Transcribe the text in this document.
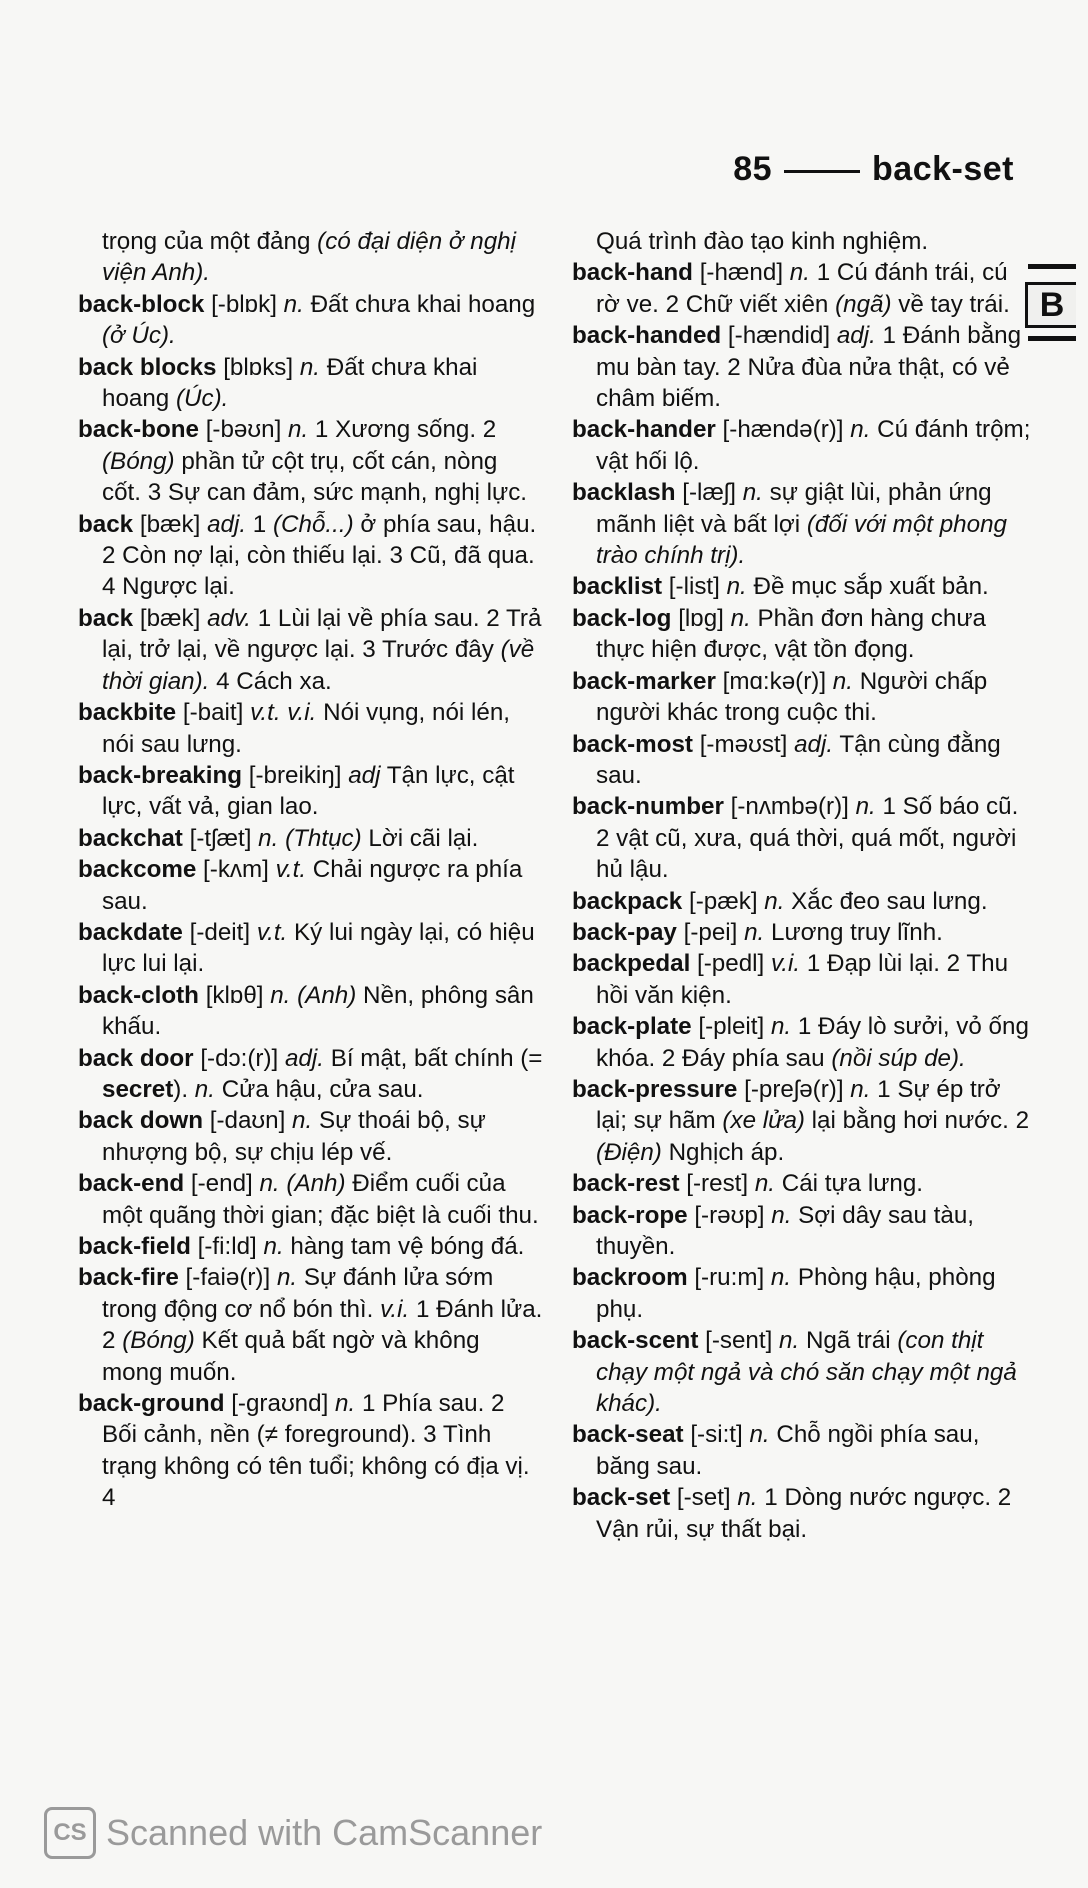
85	back-set
B

trọng của một đảng (có đại diện ở nghị viện Anh).

back-block [-blɒk] n. Đất chưa khai hoang (ở Úc).

back blocks [blɒks] n. Đất chưa khai hoang (Úc).

back-bone [-bəʊn] n. 1 Xương sống. 2 (Bóng) phần tử cột trụ, cốt cán, nòng cốt. 3 Sự can đảm, sức mạnh, nghị lực.

back [bæk] adj. 1 (Chỗ...) ở phía sau, hậu. 2 Còn nợ lại, còn thiếu lại. 3 Cũ, đã qua. 4 Ngược lại.

back [bæk] adv. 1 Lùi lại về phía sau. 2 Trả lại, trở lại, về ngược lại. 3 Trước đây (về thời gian). 4 Cách xa.

backbite [-bait] v.t. v.i. Nói vụng, nói lén, nói sau lưng.

back-breaking [-breikiŋ] adj Tận lực, cật lực, vất vả, gian lao.

backchat [-tʃæt] n. (Thtục) Lời cãi lại.

backcome [-kʌm] v.t. Chải ngược ra phía sau.

backdate [-deit] v.t. Ký lui ngày lại, có hiệu lực lui lại.

back-cloth [klɒθ] n. (Anh) Nền, phông sân khấu.

back door [-dɔ:(r)] adj. Bí mật, bất chính (= secret). n. Cửa hậu, cửa sau.

back down [-daʊn] n. Sự thoái bộ, sự nhượng bộ, sự chịu lép vế.

back-end [-end] n. (Anh) Điểm cuối của một quãng thời gian; đặc biệt là cuối thu.

back-field [-fi:ld] n. hàng tam vệ bóng đá.

back-fire [-faiə(r)] n. Sự đánh lửa sớm trong động cơ nổ bón thì. v.i. 1 Đánh lửa. 2 (Bóng) Kết quả bất ngờ và không mong muốn.

back-ground [-graʊnd] n. 1 Phía sau. 2 Bối cảnh, nền (≠ foreground). 3 Tình trạng không có tên tuổi; không có địa vị. 4

Quá trình đào tạo kinh nghiệm.

back-hand [-hænd] n. 1 Cú đánh trái, cú rờ ve. 2 Chữ viết xiên (ngã) về tay trái.

back-handed [-hændid] adj. 1 Đánh bằng mu bàn tay. 2 Nửa đùa nửa thật, có vẻ châm biếm.

back-hander [-hændə(r)] n. Cú đánh trộm; vật hối lộ.

backlash [-læʃ] n. sự giật lùi, phản ứng mãnh liệt và bất lợi (đối với một phong trào chính trị).

backlist [-list] n. Đề mục sắp xuất bản.

back-log [lɒg] n. Phần đơn hàng chưa thực hiện được, vật tồn đọng.

back-marker [mɑ:kə(r)] n. Người chấp người khác trong cuộc thi.

back-most [-məʊst] adj. Tận cùng đằng sau.

back-number [-nʌmbə(r)] n. 1 Số báo cũ. 2 vật cũ, xưa, quá thời, quá mốt, người hủ lậu.

backpack [-pæk] n. Xắc đeo sau lưng.

back-pay [-pei] n. Lương truy lĩnh.

backpedal [-pedl] v.i. 1 Đạp lùi lại. 2 Thu hồi văn kiện.

back-plate [-pleit] n. 1 Đáy lò sưởi, vỏ ống khóa. 2 Đáy phía sau (nồi súp de).

back-pressure [-preʃə(r)] n. 1 Sự ép trở lại; sự hãm (xe lửa) lại bằng hơi nước. 2 (Điện) Nghịch áp.

back-rest [-rest] n. Cái tựa lưng.

back-rope [-rəʊp] n. Sợi dây sau tàu, thuyền.

backroom [-ru:m] n. Phòng hậu, phòng phụ.

back-scent [-sent] n. Ngã trái (con thịt chạy một ngả và chó săn chạy một ngả khác).

back-seat [-si:t] n. Chỗ ngồi phía sau, băng sau.

back-set [-set] n. 1 Dòng nước ngược. 2 Vận rủi, sự thất bại.

CS Scanned with CamScanner
